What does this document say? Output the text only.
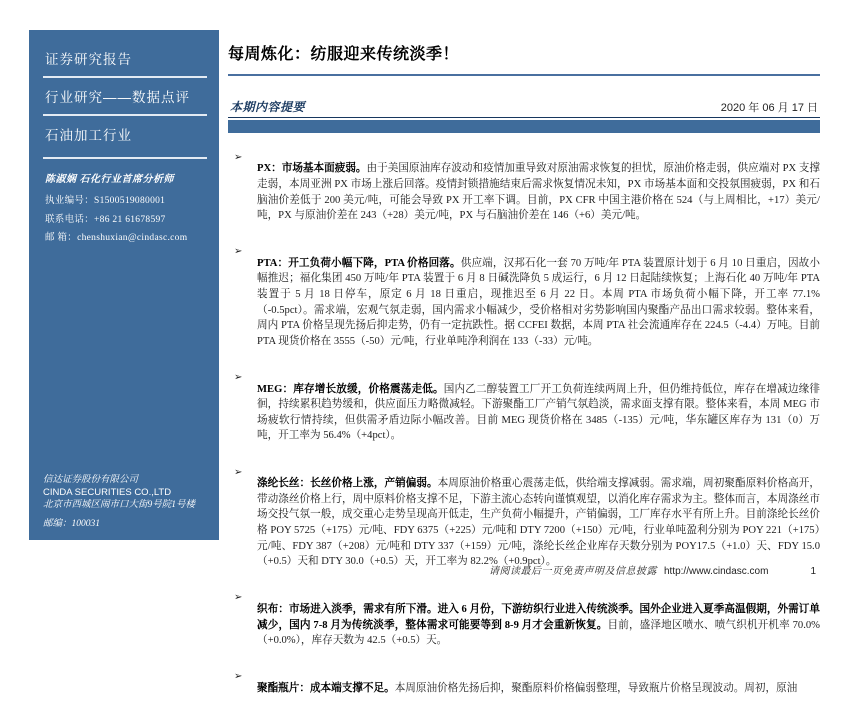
证券研究报告
行业研究——数据点评
石油加工行业
陈淑娴 石化行业首席分析师
执业编号：S1500519080001
联系电话：+86 21 61678597
邮 箱：chenshuxian@cindasc.com
信达证券股份有限公司
CINDA SECURITIES CO.,LTD
北京市西城区闹市口大街9号院1号楼
邮编：100031
每周炼化：纺服迎来传统淡季！
本期内容提要	2020 年 06 月 17 日
➢

PX：市场基本面疲弱。由于美国原油库存波动和疫情加重导致对原油需求恢复的担忧，原油价格走弱，供应端对 PX 支撑走弱，本周亚洲 PX 市场上涨后回落。疫情封锁措施结束后需求恢复情况未知，PX 市场基本面和交投氛围疲弱，PX 和石脑油价差低于 200 美元/吨，可能会导致 PX 开工率下调。目前，PX CFR 中国主港价格在 524（与上周相比，+17）美元/吨，PX 与原油价差在 243（+28）美元/吨，PX 与石脑油价差在 146（+6）美元/吨。

➢

PTA：开工负荷小幅下降，PTA 价格回落。供应端，汉邦石化一套 70 万吨/年 PTA 装置原计划于 6 月 10 日重启，因故小幅推迟；福化集团 450 万吨/年 PTA 装置于 6 月 8 日碱洗降负 5 成运行，6 月 12 日起陆续恢复；上海石化 40 万吨/年 PTA 装置于 5 月 18 日停车，原定 6 月 18 日重启，现推迟至 6 月 22 日。本周 PTA 市场负荷小幅下降，开工率 77.1%（-0.5pct）。需求端，宏观气氛走弱，国内需求小幅减少，受价格相对劣势影响国内聚酯产品出口需求较弱。整体来看，周内 PTA 价格呈现先扬后抑走势，仍有一定抗跌性。据 CCFEI 数据，本周 PTA 社会流通库存在 224.5（-4.4）万吨。目前 PTA 现货价格在 3555（-50）元/吨，行业单吨净利润在 133（-33）元/吨。

➢

MEG：库存增长放缓，价格震荡走低。国内乙二醇装置工厂开工负荷连续两周上升，但仍维持低位，库存在增减边缘徘徊，持续累积趋势缓和，供应面压力略微减轻。下游聚酯工厂产销气氛趋淡，需求面支撑有限。整体来看，本周 MEG 市场疲软行情持续，但供需矛盾边际小幅改善。目前 MEG 现货价格在 3485（-135）元/吨，华东罐区库存为 131（0）万吨，开工率为 56.4%（+4pct）。

➢

涤纶长丝：长丝价格上涨，产销偏弱。本周原油价格重心震荡走低，供给端支撑减弱。需求端，周初聚酯原料价格高开，带动涤丝价格上行，周中原料价格支撑不足，下游主流心态转向谨慎观望，以消化库存需求为主。整体而言，本周涤丝市场交投气氛一般，成交重心走势呈现高开低走，生产负荷小幅提升，产销偏弱，工厂库存水平有所上升。目前涤纶长丝价格 POY 5725（+175）元/吨、FDY 6375（+225）元/吨和 DTY 7200（+150）元/吨，行业单吨盈利分别为 POY 221（+175）元/吨、FDY 387（+208）元/吨和 DTY 337（+159）元/吨，涤纶长丝企业库存天数分别为 POY17.5（+1.0）天、FDY 15.0（+0.5）天和 DTY 30.0（+0.5）天，开工率为 82.2%（+0.9pct）。

➢

织布：市场进入淡季，需求有所下滑。进入 6 月份，下游纺织行业进入传统淡季。国外企业进入夏季高温假期，外需订单减少，国内 7-8 月为传统淡季，整体需求可能要等到 8-9 月才会重新恢复。目前，盛泽地区喷水、喷气织机开机率 70.0%（+0.0%），库存天数为 42.5（+0.5）天。

➢

聚酯瓶片：成本端支撑不足。本周原油价格先扬后抑，聚酯原料价格偏弱整理，导致瓶片价格呈现波动。周初，原油

请阅读最后一页免责声明及信息披露 http://www.cindasc.com	1
